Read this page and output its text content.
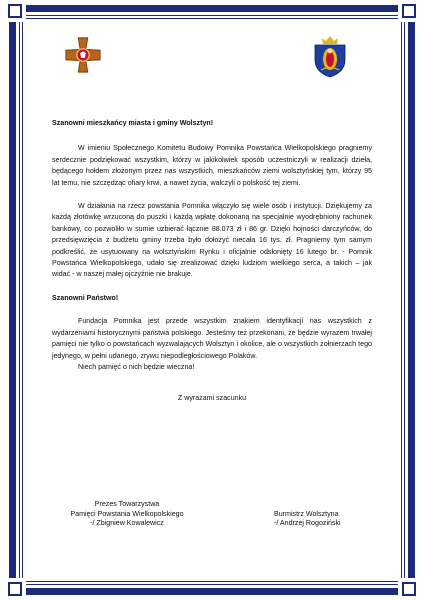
Szanowni mieszkańcy miasta i gminy Wolsztyn!

W imieniu Społecznego Komitetu Budowy Pomnika Powstańca Wielkopolskiego pragniemy serdecznie podziękować wszystkim, którzy w jakikolwiek sposób uczestniczyli w realizacji dzieła, będącego hołdem złożonym przez nas wszystkich, mieszkańców ziemi wolsztyńskiej tym, którzy 95 lat temu, nie szczędząc ofiary krwi, a nawet życia, walczyli o polskość tej ziemi.

W działania na rzecz powstania Pomnika włączyło się wiele osób i instytucji. Dziękujemy za każdą złotówkę wrzuconą do puszki i każdą wpłatę dokonaną na specjalnie wyodrębniony rachunek bankowy, co pozwoliło w sumie uzbierać łącznie 88.073 zł i 86 gr. Dzięki hojności darczyńców, do przedsięwzięcia z budżetu gminy trzeba było dołożyć niecała 16 tys. zł. Pragniemy tym samym podkreślić, że usytuowany na wolsztyńskim Rynku i oficjalnie odsłonięty 16 lutego br. - Pomnik Powstańca Wielkopolskiego, udało się zrealizować dzięki ludziom wielkiego serca, a takich – jak widać - w naszej małej ojczyźnie nie brakuje.

Szanowni Państwo!

Fundacja Pomnika jest przede wszystkim znakiem identyfikacji nas wszystkich z wydarzeniami historycznymi państwa polskiego. Jesteśmy też przekonani, że będzie wyrazem trwałej pamięci nie tylko o powstańcach wyzwalających Wolsztyn i okolice, ale o wszystkich żołnierzach tego jedynego, w pełni udanego, zrywu niepodległościowego Polaków.

Niech pamięć o nich będzie wieczna!

Z wyrazami szacunku

Prezes Towarzystwa
Pamięci Powstania Wielkopolskiego
-/ Zbigniew Kowalewicz
Burmistrz Wolsztyna
-/ Andrzej Rogoziński
